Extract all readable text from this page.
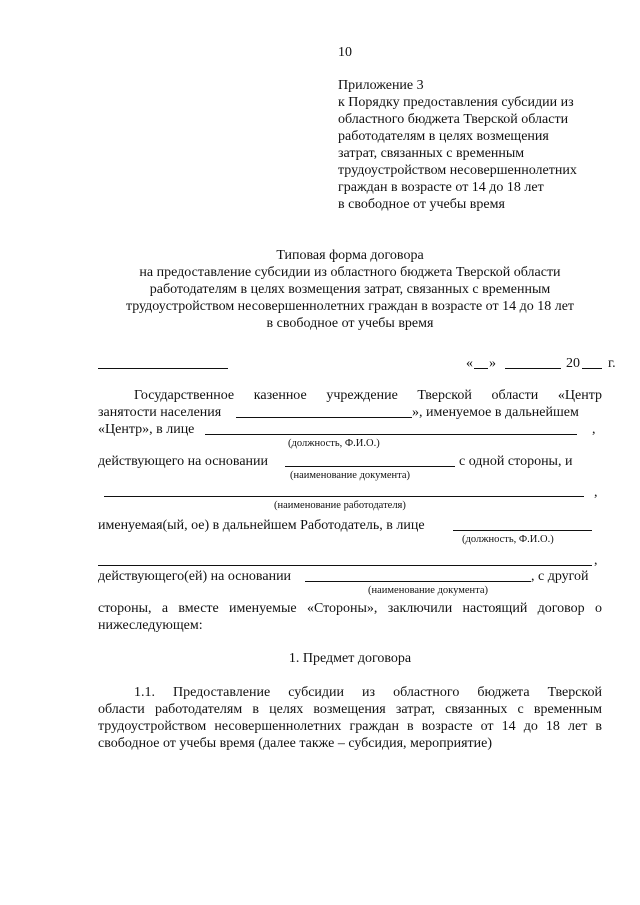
10
Приложение 3
к Порядку предоставления субсидии из
областного бюджета Тверской области
работодателям в целях возмещения
затрат, связанных с временным
трудоустройством несовершеннолетних
граждан в возрасте от 14 до 18 лет
в свободное от учебы время
Типовая форма договора
на предоставление субсидии из областного бюджета Тверской области
работодателям в целях возмещения затрат, связанных с временным
трудоустройством несовершеннолетних граждан в возрасте от 14 до 18 лет
в свободное от учебы время
« »	20 г.
Государственное казенное учреждение Тверской области «Центр
занятости населения	», именуемое в дальнейшем
«Центр», в лице	,
(должность, Ф.И.О.)
действующего на основании	с одной стороны, и
(наименование документа)
,
(наименование работодателя)
именуемая(ый, ое) в дальнейшем Работодатель, в лице
(должность, Ф.И.О.)
,
действующего(ей) на основании	, с другой
(наименование документа)
стороны, а вместе именуемые «Стороны», заключили настоящий договор о
нижеследующем:
1. Предмет договора
1.1. Предоставление субсидии из областного бюджета Тверской
области работодателям в целях возмещения затрат, связанных с временным
трудоустройством несовершеннолетних граждан в возрасте от 14 до 18 лет в
свободное от учебы время (далее также – субсидия, мероприятие)
